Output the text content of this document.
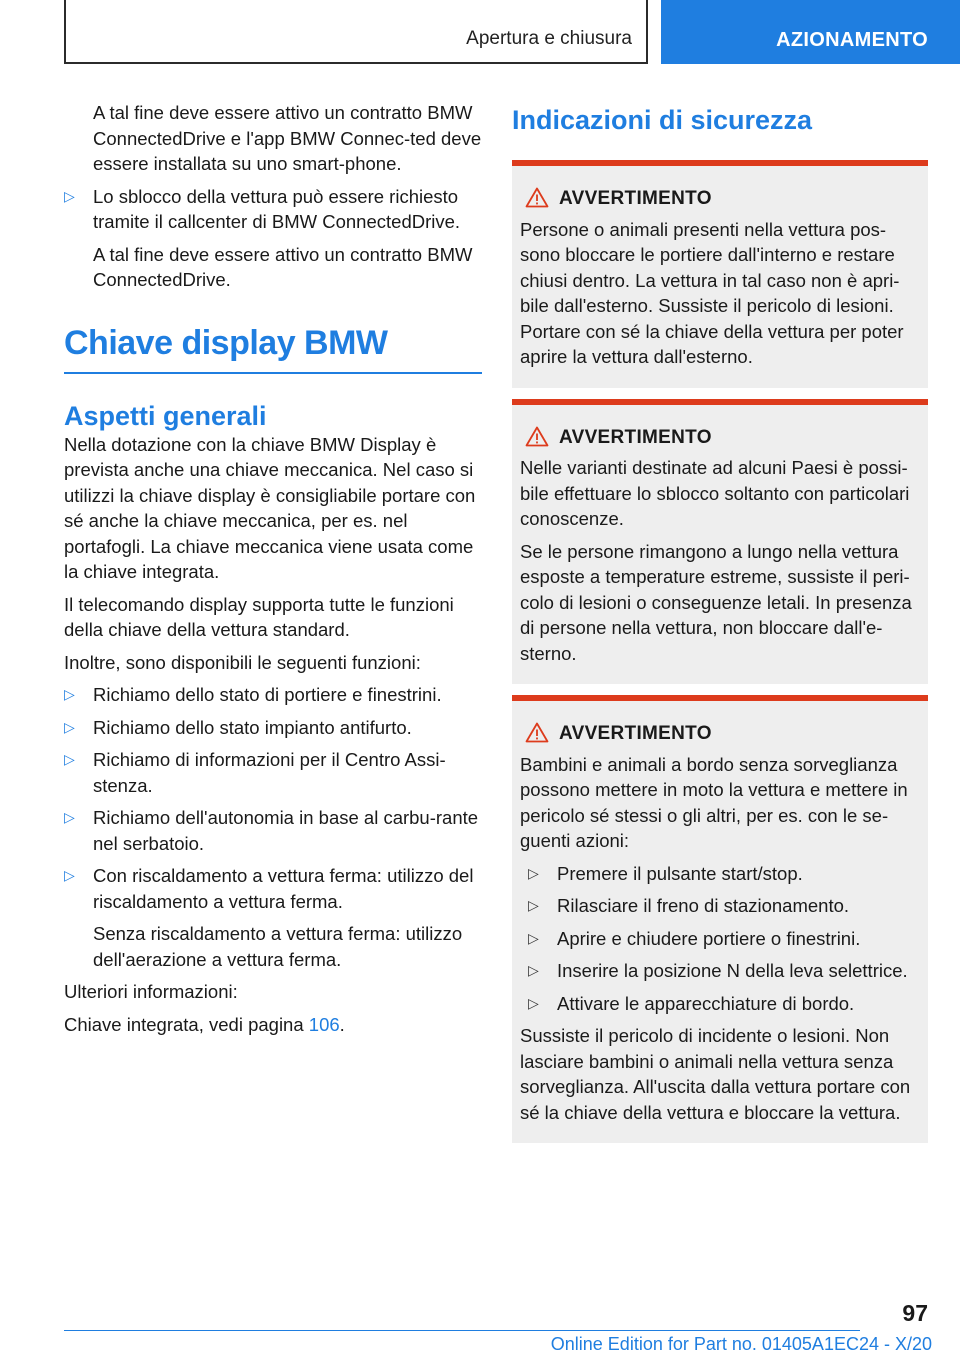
Apertura e chiusura	AZIONAMENTO

A tal fine deve essere attivo un contratto BMW ConnectedDrive e l'app BMW Connec-ted deve essere installata su uno smart-phone.

▷ Lo sblocco della vettura può essere richiesto tramite il callcenter di BMW ConnectedDrive.

A tal fine deve essere attivo un contratto BMW ConnectedDrive.

Chiave display BMW
Aspetti generali

Nella dotazione con la chiave BMW Display è prevista anche una chiave meccanica. Nel caso si utilizzi la chiave display è consigliabile portare con sé anche la chiave meccanica, per es. nel portafogli. La chiave meccanica viene usata come la chiave integrata.

Il telecomando display supporta tutte le funzioni della chiave della vettura standard.

Inoltre, sono disponibili le seguenti funzioni:

▷ Richiamo dello stato di portiere e finestrini.
▷ Richiamo dello stato impianto antifurto.
▷ Richiamo di informazioni per il Centro Assi-stenza.
▷ Richiamo dell'autonomia in base al carbu-rante nel serbatoio.
▷ Con riscaldamento a vettura ferma: utilizzo del riscaldamento a vettura ferma.

Senza riscaldamento a vettura ferma: utilizzo dell'aerazione a vettura ferma.

Ulteriori informazioni:

Chiave integrata, vedi pagina 106.

Indicazioni di sicurezza
AVVERTIMENTO

Persone o animali presenti nella vettura pos-sono bloccare le portiere dall'interno e restare chiusi dentro. La vettura in tal caso non è apri-bile dall'esterno. Sussiste il pericolo di lesioni. Portare con sé la chiave della vettura per poter aprire la vettura dall'esterno.

AVVERTIMENTO

Nelle varianti destinate ad alcuni Paesi è possi-bile effettuare lo sblocco soltanto con particolari conoscenze.

Se le persone rimangono a lungo nella vettura esposte a temperature estreme, sussiste il peri-colo di lesioni o conseguenze letali. In presenza di persone nella vettura, non bloccare dall'e-sterno.

AVVERTIMENTO

Bambini e animali a bordo senza sorveglianza possono mettere in moto la vettura e mettere in pericolo sé stessi o gli altri, per es. con le se-guenti azioni:

▷ Premere il pulsante start/stop.
▷ Rilasciare il freno di stazionamento.
▷ Aprire e chiudere portiere o finestrini.
▷ Inserire la posizione N della leva selettrice.
▷ Attivare le apparecchiature di bordo.

Sussiste il pericolo di incidente o lesioni. Non lasciare bambini o animali nella vettura senza sorveglianza. All'uscita dalla vettura portare con sé la chiave della vettura e bloccare la vettura.

97
Online Edition for Part no. 01405A1EC24 - X/20
